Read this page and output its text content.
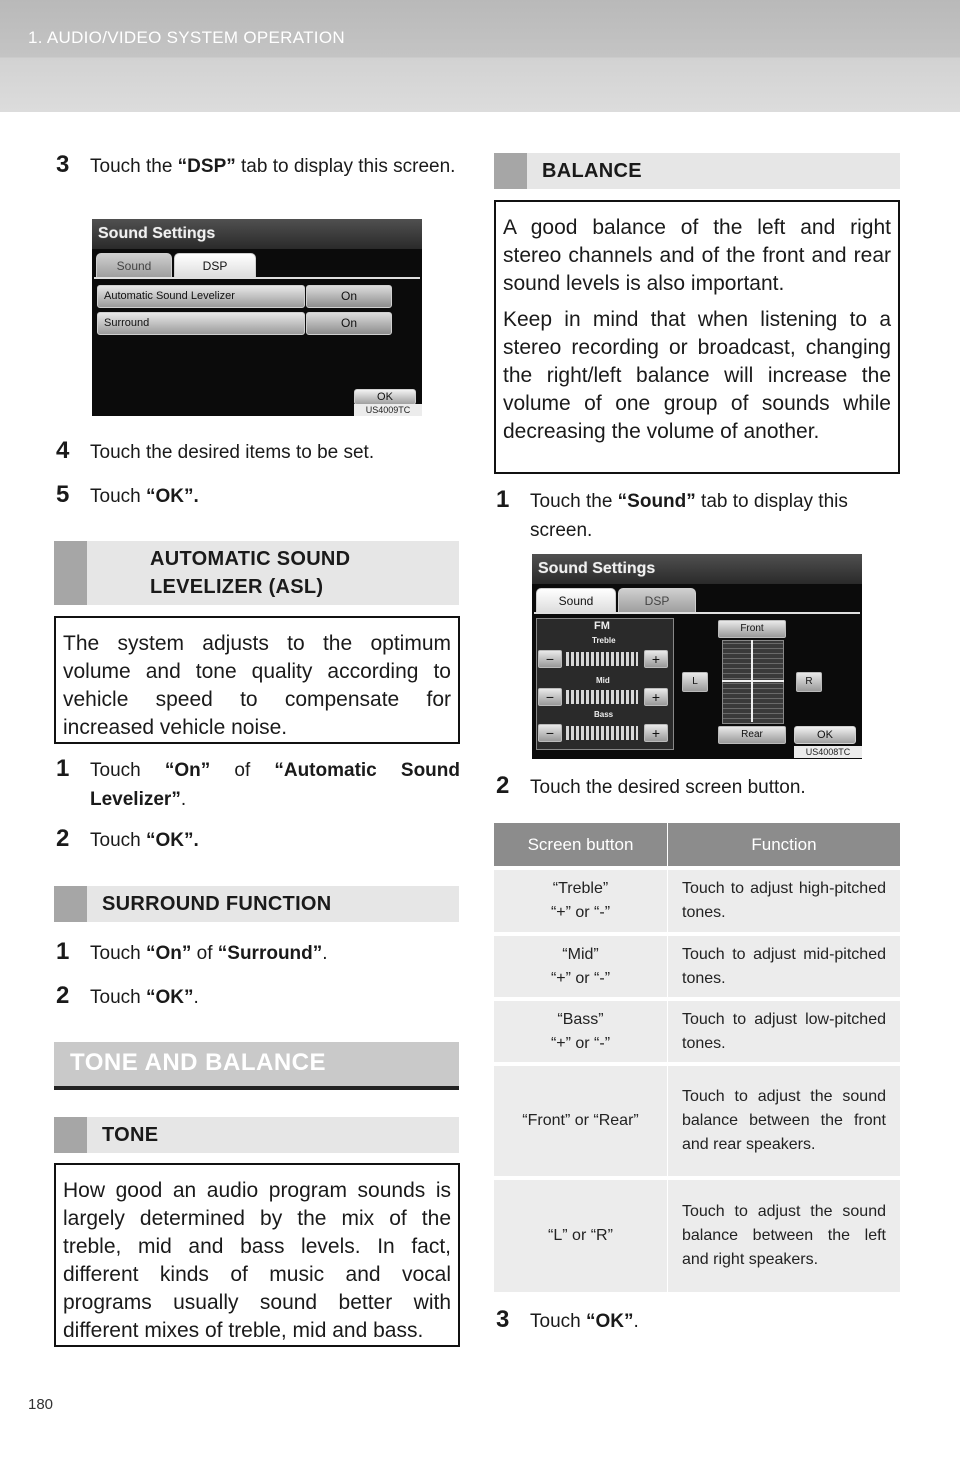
1. AUDIO/VIDEO SYSTEM OPERATION
3	Touch the “DSP” tab to display this screen.
Sound Settings
Sound	DSP
Automatic Sound Levelizer	On
Surround	On
OK
US4009TC
4	Touch the desired items to be set.
5	Touch “OK”.
AUTOMATIC SOUND
LEVELIZER (ASL)

The system adjusts to the optimum volume and tone quality according to vehicle speed to compensate for increased vehicle noise.

1	Touch “On” of “Automatic Sound Levelizer”.
2	Touch “OK”.
SURROUND FUNCTION
1	Touch “On” of “Surround”.
2	Touch “OK”.
TONE AND BALANCE
TONE

How good an audio program sounds is largely determined by the mix of the treble, mid and bass levels. In fact, different kinds of music and vocal programs usually sound better with different mixes of treble, mid and bass.

BALANCE

A good balance of the left and right stereo channels and of the front and rear sound levels is also important.

Keep in mind that when listening to a stereo recording or broadcast, changing the right/left balance will increase the volume of one group of sounds while decreasing the volume of another.

1	Touch the “Sound” tab to display this screen.
Sound Settings
Sound	DSP
FM
Treble
−	+
Mid
−	+
Bass
−	+
Front
L	R
Rear	OK
US4008TC
2	Touch the desired screen button.
Screen button	Function

“Treble”
“+” or “-”	Touch to adjust high-pitched tones.

“Mid”
“+” or “-”	Touch to adjust mid-pitched tones.

“Bass”
“+” or “-”	Touch to adjust low-pitched tones.
“Front” or “Rear”	Touch to adjust the sound balance between the front and rear speakers.
“L” or “R”	Touch to adjust the sound balance between the left and right speakers.
3	Touch “OK”.
180
